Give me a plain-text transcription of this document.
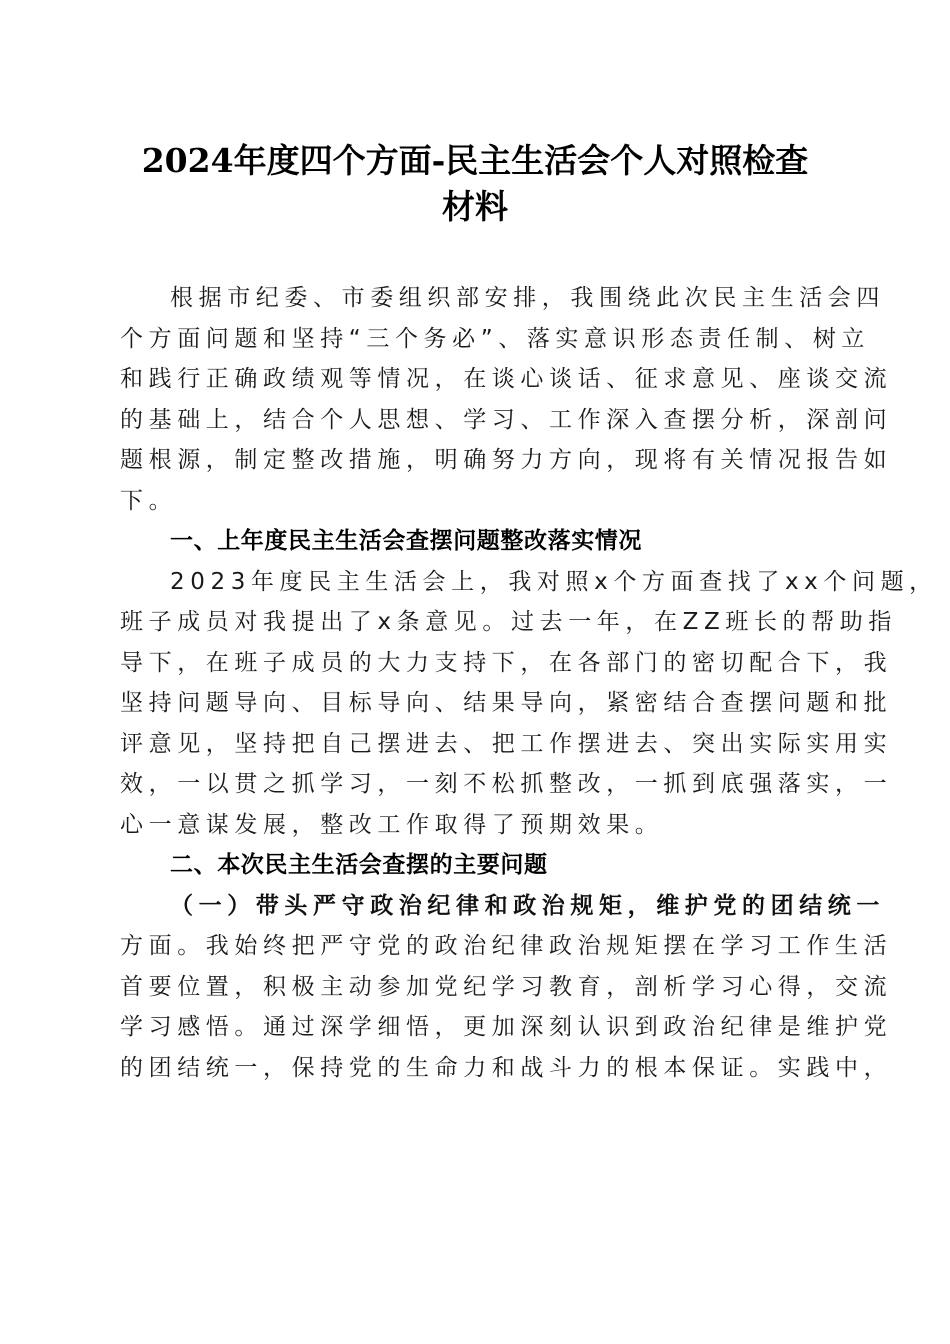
2024年度四个方面-民主生活会个人对照检查
材料

根据市纪委、市委组织部安排，我围绕此次民主生活会四
个方面问题和坚持“三个务必”、落实意识形态责任制、树立
和践行正确政绩观等情况，在谈心谈话、征求意见、座谈交流
的基础上，结合个人思想、学习、工作深入查摆分析，深剖问
题根源，制定整改措施，明确努力方向，现将有关情况报告如
下。

一、上年度民主生活会查摆问题整改落实情况

2023年度民主生活会上，我对照x个方面查找了xx个问题，
班子成员对我提出了x条意见。过去一年，在ZZ班长的帮助指
导下，在班子成员的大力支持下，在各部门的密切配合下，我
坚持问题导向、目标导向、结果导向，紧密结合查摆问题和批
评意见，坚持把自己摆进去、把工作摆进去、突出实际实用实
效，一以贯之抓学习，一刻不松抓整改，一抓到底强落实，一
心一意谋发展，整改工作取得了预期效果。

二、本次民主生活会查摆的主要问题

（一）带头严守政治纪律和政治规矩，维护党的团结统一
方面。我始终把严守党的政治纪律政治规矩摆在学习工作生活
首要位置，积极主动参加党纪学习教育，剖析学习心得，交流
学习感悟。通过深学细悟，更加深刻认识到政治纪律是维护党
的团结统一，保持党的生命力和战斗力的根本保证。实践中，
